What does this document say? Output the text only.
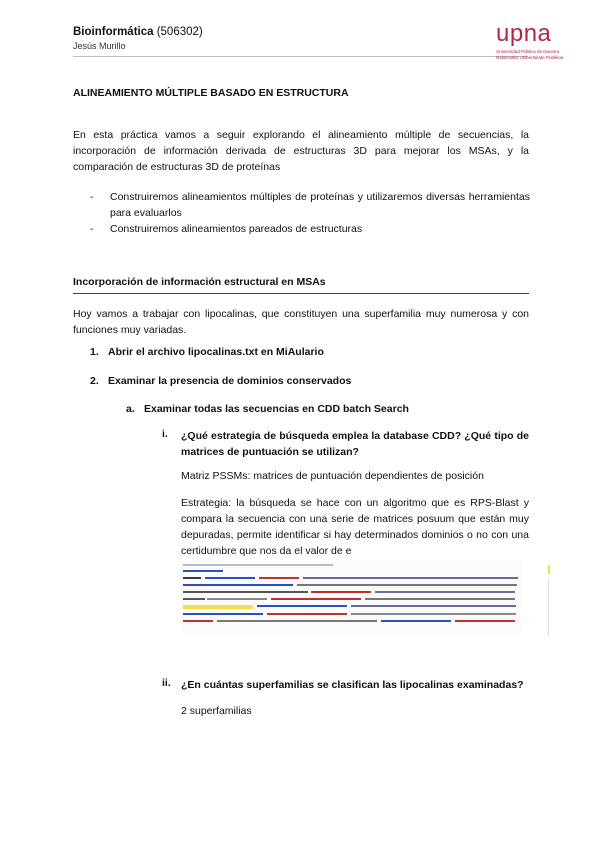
Bioinformática (506302)
Jesús Murillo	upna
Universidad Pública de Navarra
Nafarroako Unibertsitate Publikoa
ALINEAMIENTO MÚLTIPLE BASADO EN ESTRUCTURA
En esta práctica vamos a seguir explorando el alineamiento múltiple de secuencias, la incorporación de información derivada de estructuras 3D para mejorar los MSAs, y la comparación de estructuras 3D de proteínas
- Construiremos alineamientos múltiples de proteínas y utilizaremos diversas herramientas para evaluarlos
- Construiremos alineamientos pareados de estructuras
Incorporación de información estructural en MSAs
Hoy vamos a trabajar con lipocalinas, que constituyen una superfamilia muy numerosa y con funciones muy variadas.
1. Abrir el archivo lipocalinas.txt en MiAulario
2. Examinar la presencia de dominios conservados
a. Examinar todas las secuencias en CDD batch Search
i. ¿Qué estrategia de búsqueda emplea la database CDD? ¿Qué tipo de matrices de puntuación se utilizan?
Matriz PSSMs: matrices de puntuación dependientes de posición
Estrategia: la búsqueda se hace con un algoritmo que es RPS-Blast y compara la secuencia con una serie de matrices posuum que están muy depuradas, permite identificar si hay determinados dominios o no con una certidumbre que nos da el valor de e
ii. ¿En cuántas superfamilias se clasifican las lipocalinas examinadas?
2 superfamilias
